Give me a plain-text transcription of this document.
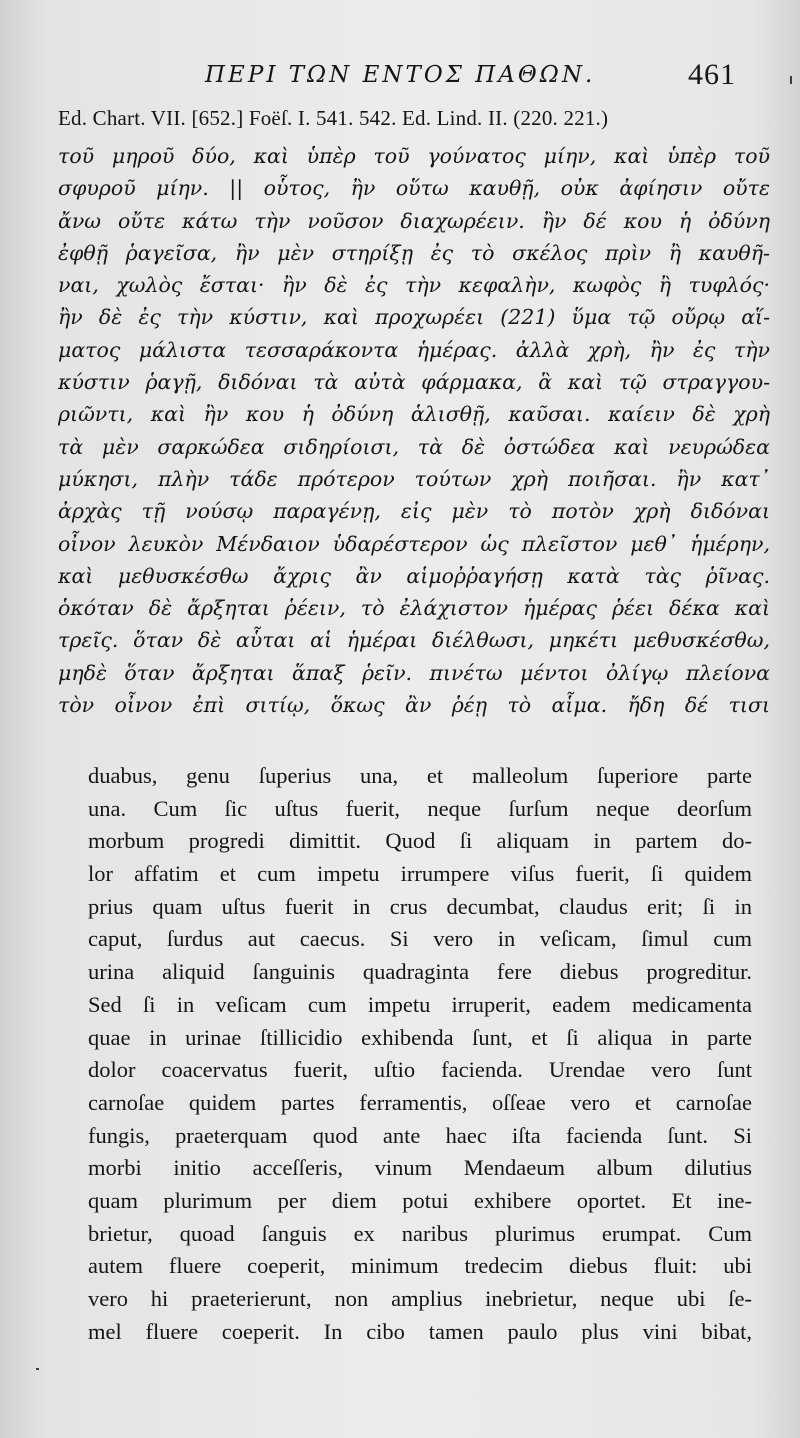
ΠΕΡΙ ΤΩΝ ΕΝΤΟΣ ΠΑΘΩΝ.	461
Ed. Chart. VII. [652.] Foëſ. I. 541. 542. Ed. Lind. II. (220. 221.)
τοῦ μηροῦ δύο, καὶ ὑπὲρ τοῦ γούνατος μίην, καὶ ὑπὲρ τοῦ
σφυροῦ μίην. || οὗτος, ἢν οὕτω καυθῇ, οὐκ ἀφίησιν οὔτε
ἄνω οὔτε κάτω τὴν νοῦσον διαχωρέειν. ἢν δέ κου ἡ ὀδύνη
ἐφθῇ ῥαγεῖσα, ἢν μὲν στηρίξῃ ἐς τὸ σκέλος πρὶν ἢ καυθῆ-
ναι, χωλὸς ἔσται· ἢν δὲ ἐς τὴν κεφαλὴν, κωφὸς ἢ τυφλός·
ἢν δὲ ἐς τὴν κύστιν, καὶ προχωρέει (221) ὕμα τῷ οὔρῳ αἵ-
ματος μάλιστα τεσσαράκοντα ἡμέρας. ἀλλὰ χρὴ, ἢν ἐς τὴν
κύστιν ῥαγῇ, διδόναι τὰ αὐτὰ φάρμακα, ἃ καὶ τῷ στραγγου-
ριῶντι, καὶ ἢν κου ἡ ὀδύνη ἁλισθῇ, καῦσαι. καίειν δὲ χρὴ
τὰ μὲν σαρκώδεα σιδηρίοισι, τὰ δὲ ὀστώδεα καὶ νευρώδεα
μύκησι, πλὴν τάδε πρότερον τούτων χρὴ ποιῆσαι. ἢν κατ᾽
ἀρχὰς τῇ νούσῳ παραγένῃ, εἰς μὲν τὸ ποτὸν χρὴ διδόναι
οἶνον λευκὸν Μένδαιον ὑδαρέστερον ὡς πλεῖστον μεθ᾽ ἡμέρην,
καὶ μεθυσκέσθω ἄχρις ἂν αἱμοῤῥαγήσῃ κατὰ τὰς ῥῖνας.
ὁκόταν δὲ ἄρξηται ῥέειν, τὸ ἐλάχιστον ἡμέρας ῥέει δέκα καὶ
τρεῖς. ὅταν δὲ αὗται αἱ ἡμέραι διέλθωσι, μηκέτι μεθυσκέσθω,
μηδὲ ὅταν ἄρξηται ἅπαξ ῥεῖν. πινέτω μέντοι ὀλίγῳ πλείονα
τὸν οἶνον ἐπὶ σιτίῳ, ὅκως ἂν ῥέῃ τὸ αἷμα. ἤδη δέ τισι
duabus, genu ſuperius una, et malleolum ſuperiore parte
una. Cum ſic uſtus fuerit, neque ſurſum neque deorſum
morbum progredi dimittit. Quod ſi aliquam in partem do-
lor affatim et cum impetu irrumpere viſus fuerit, ſi quidem
prius quam uſtus fuerit in crus decumbat, claudus erit; ſi in
caput, ſurdus aut caecus. Si vero in veſicam, ſimul cum
urina aliquid ſanguinis quadraginta fere diebus progreditur.
Sed ſi in veſicam cum impetu irruperit, eadem medicamenta
quae in urinae ſtillicidio exhibenda ſunt, et ſi aliqua in parte
dolor coacervatus fuerit, uſtio facienda. Urendae vero ſunt
carnoſae quidem partes ferramentis, oſſeae vero et carnoſae
fungis, praeterquam quod ante haec iſta facienda ſunt. Si
morbi initio acceſſeris, vinum Mendaeum album dilutius
quam plurimum per diem potui exhibere oportet. Et ine-
brietur, quoad ſanguis ex naribus plurimus erumpat. Cum
autem fluere coeperit, minimum tredecim diebus fluit: ubi
vero hi praeterierunt, non amplius inebrietur, neque ubi ſe-
mel fluere coeperit. In cibo tamen paulo plus vini bibat,
